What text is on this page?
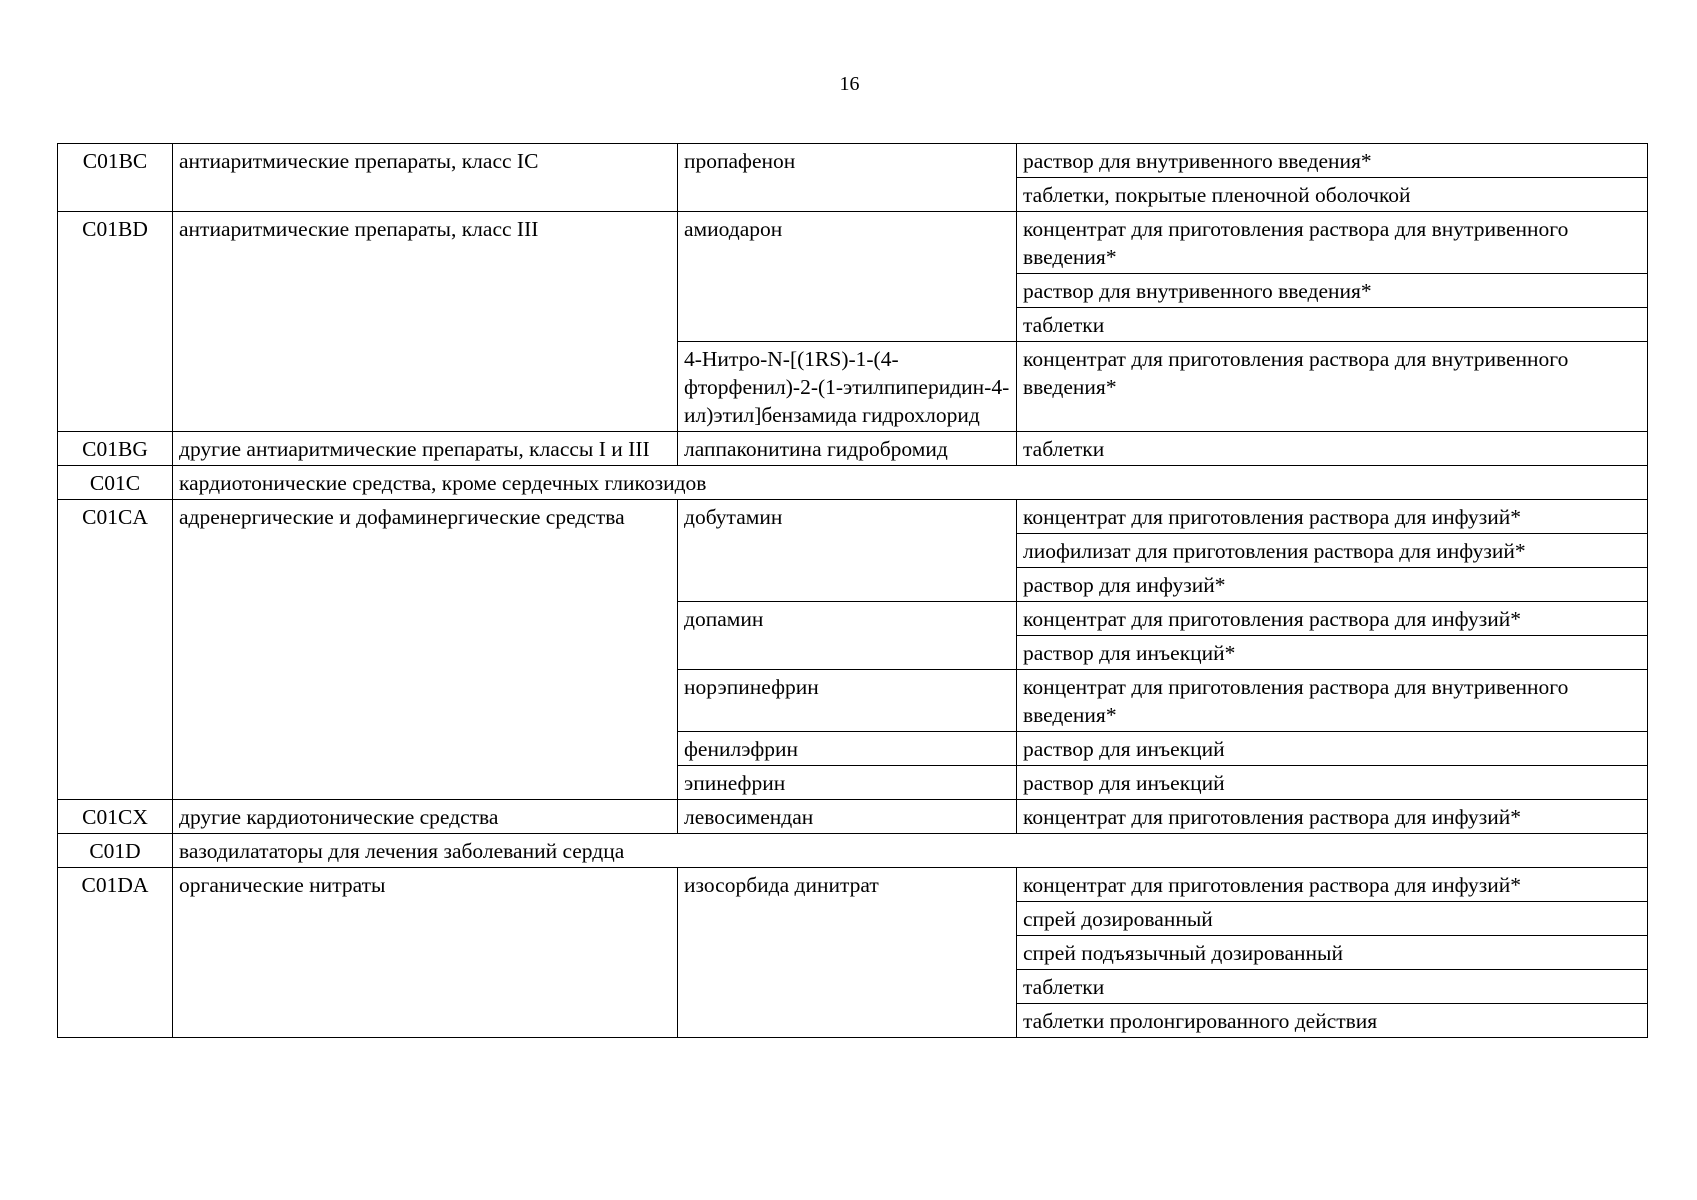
16
C01BC	антиаритмические препараты, класс IC	пропафенон	раствор для внутривенного введения*
			таблетки, покрытые пленочной оболочкой
C01BD	антиаритмические препараты, класс III	амиодарон	концентрат для приготовления раствора для внутривенного введения*
			раствор для внутривенного введения*
			таблетки
		4-Нитро-N-[(1RS)-1-(4-фторфенил)-2-(1-этилпиперидин-4-ил)этил]бензамида гидрохлорид	концентрат для приготовления раствора для внутривенного введения*
C01BG	другие антиаритмические препараты, классы I и III	лаппаконитина гидробромид	таблетки
C01C	кардиотонические средства, кроме сердечных гликозидов		
C01CA	адренергические и дофаминергические средства	добутамин	концентрат для приготовления раствора для инфузий*
			лиофилизат для приготовления раствора для инфузий*
			раствор для инфузий*
		допамин	концентрат для приготовления раствора для инфузий*
			раствор для инъекций*
		норэпинефрин	концентрат для приготовления раствора для внутривенного введения*
		фенилэфрин	раствор для инъекций
		эпинефрин	раствор для инъекций
C01CX	другие кардиотонические средства	левосимендан	концентрат для приготовления раствора для инфузий*
C01D	вазодилататоры для лечения заболеваний сердца		
C01DA	органические нитраты	изосорбида динитрат	концентрат для приготовления раствора для инфузий*
			спрей дозированный
			спрей подъязычный дозированный
			таблетки
			таблетки пролонгированного действия
